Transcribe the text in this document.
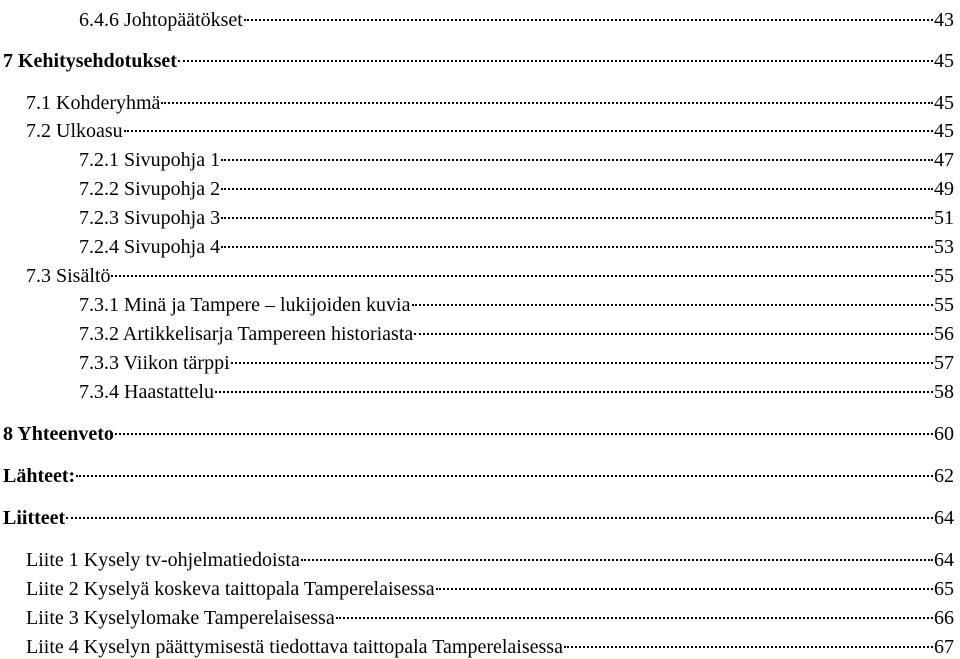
6.4.6 Johtopäätökset	43
7 Kehitysehdotukset	45
7.1 Kohderyhmä	45
7.2 Ulkoasu	45
7.2.1 Sivupohja 1	47
7.2.2 Sivupohja 2	49
7.2.3 Sivupohja 3	51
7.2.4 Sivupohja 4	53
7.3 Sisältö	55
7.3.1 Minä ja Tampere – lukijoiden kuvia	55
7.3.2 Artikkelisarja Tampereen historiasta	56
7.3.3 Viikon tärppi	57
7.3.4 Haastattelu	58
8 Yhteenveto	60
Lähteet:	62
Liitteet	64
Liite 1 Kysely tv-ohjelmatiedoista	64
Liite 2 Kyselyä koskeva taittopala Tamperelaisessa	65
Liite 3 Kyselylomake Tamperelaisessa	66
Liite 4 Kyselyn päättymisestä tiedottava taittopala Tamperelaisessa	67
